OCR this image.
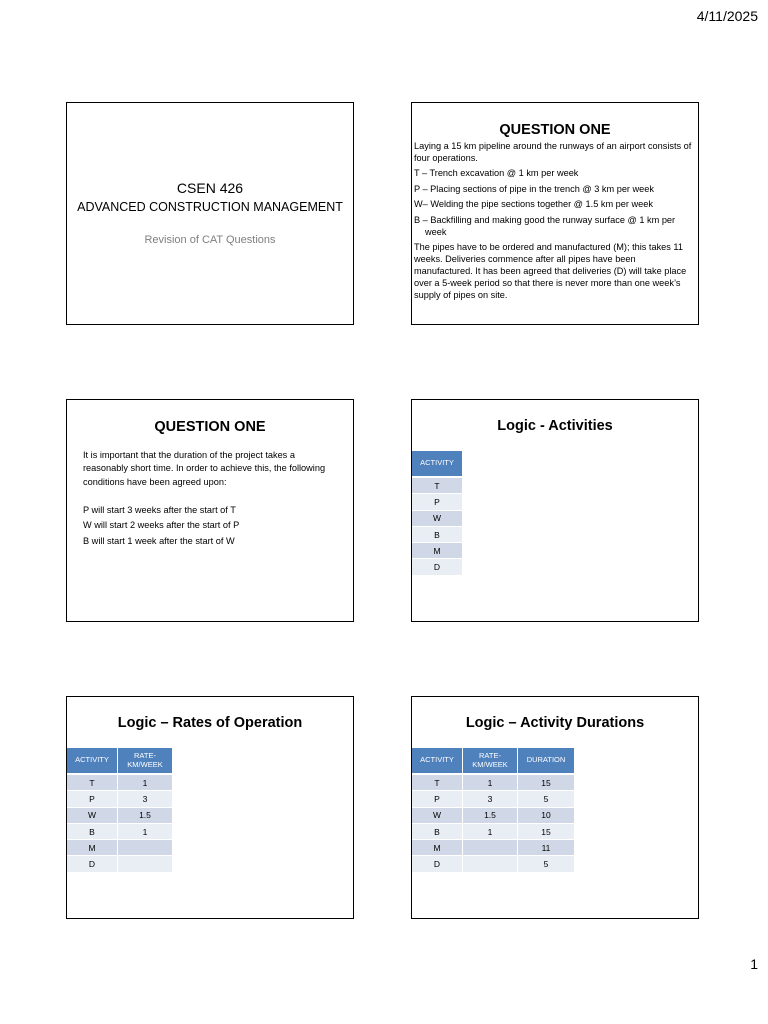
4/11/2025
CSEN 426
ADVANCED CONSTRUCTION MANAGEMENT
Revision of CAT Questions
QUESTION ONE

Laying a 15 km pipeline around the runways of an airport consists of four operations.

T – Trench excavation @ 1 km per week

P – Placing sections of pipe in the trench @ 3 km per week

W– Welding the pipe sections together @ 1.5 km per week

B – Backfilling and making good the runway surface @ 1 km per week

The pipes have to be ordered and manufactured (M); this takes 11 weeks. Deliveries commence after all pipes have been manufactured. It has been agreed that deliveries (D) will take place over a 5-week period so that there is never more than one week’s supply of pipes on site.

QUESTION ONE

It is important that the duration of the project takes a reasonably short time. In order to achieve this, the following conditions have been agreed upon:

P will start 3 weeks after the start of T

W will start 2 weeks after the start of P

B will start 1 week after the start of W

Logic - Activities
ACTIVITY
T
P
W
B
M
D
Logic – Rates of Operation
ACTIVITY	RATE-KM/WEEK
T	1
P	3
W	1.5
B	1
M	
D	
Logic – Activity Durations
ACTIVITY	RATE-KM/WEEK	DURATION
T	1	15
P	3	5
W	1.5	10
B	1	15
M		11
D		5
1
